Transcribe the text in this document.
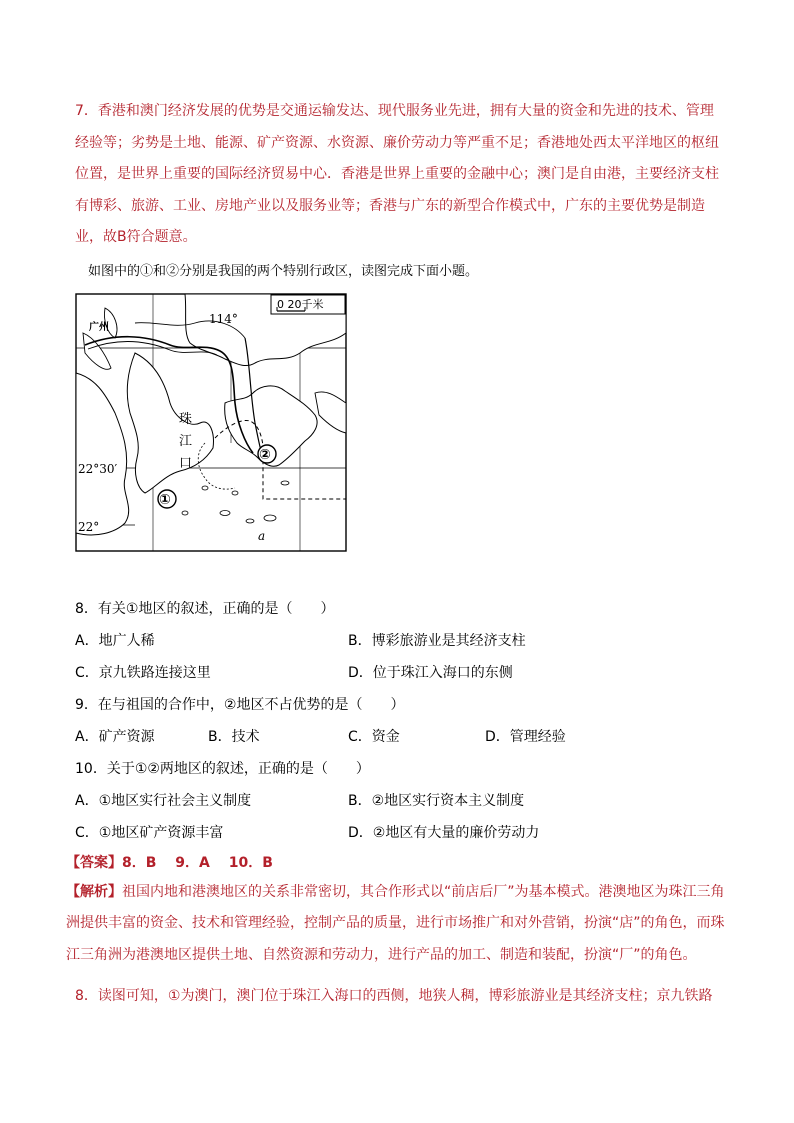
7．香港和澳门经济发展的优势是交通运输发达、现代服务业先进，拥有大量的资金和先进的技术、管理经验等；劣势是土地、能源、矿产资源、水资源、廉价劳动力等严重不足；香港地处西太平洋地区的枢纽位置，是世界上重要的国际经济贸易中心．香港是世界上重要的金融中心；澳门是自由港，主要经济支柱有博彩、旅游、工业、房地产业以及服务业等；香港与广东的新型合作模式中，广东的主要优势是制造业，故B符合题意。

如图中的①和②分别是我国的两个特别行政区，读图完成下面小题。
0 20千米
114°
广州
珠
江
口
22°30′
22°
①
②
a
8．有关①地区的叙述，正确的是（　　）
A．地广人稀	B．博彩旅游业是其经济支柱
C．京九铁路连接这里	D．位于珠江入海口的东侧
9．在与祖国的合作中，②地区不占优势的是（　　）
A．矿产资源	B．技术	C．资金	D．管理经验
10．关于①②两地区的叙述，正确的是（　　）
A．①地区实行社会主义制度	B．②地区实行资本主义制度
C．①地区矿产资源丰富	D．②地区有大量的廉价劳动力
【答案】8．B　 9．A　 10．B

【解析】祖国内地和港澳地区的关系非常密切，其合作形式以“前店后厂”为基本模式。港澳地区为珠江三角洲提供丰富的资金、技术和管理经验，控制产品的质量，进行市场推广和对外营销，扮演“店”的角色，而珠江三角洲为港澳地区提供土地、自然资源和劳动力，进行产品的加工、制造和装配，扮演“厂”的角色。

8．读图可知，①为澳门，澳门位于珠江入海口的西侧，地狭人稠，博彩旅游业是其经济支柱；京九铁路
